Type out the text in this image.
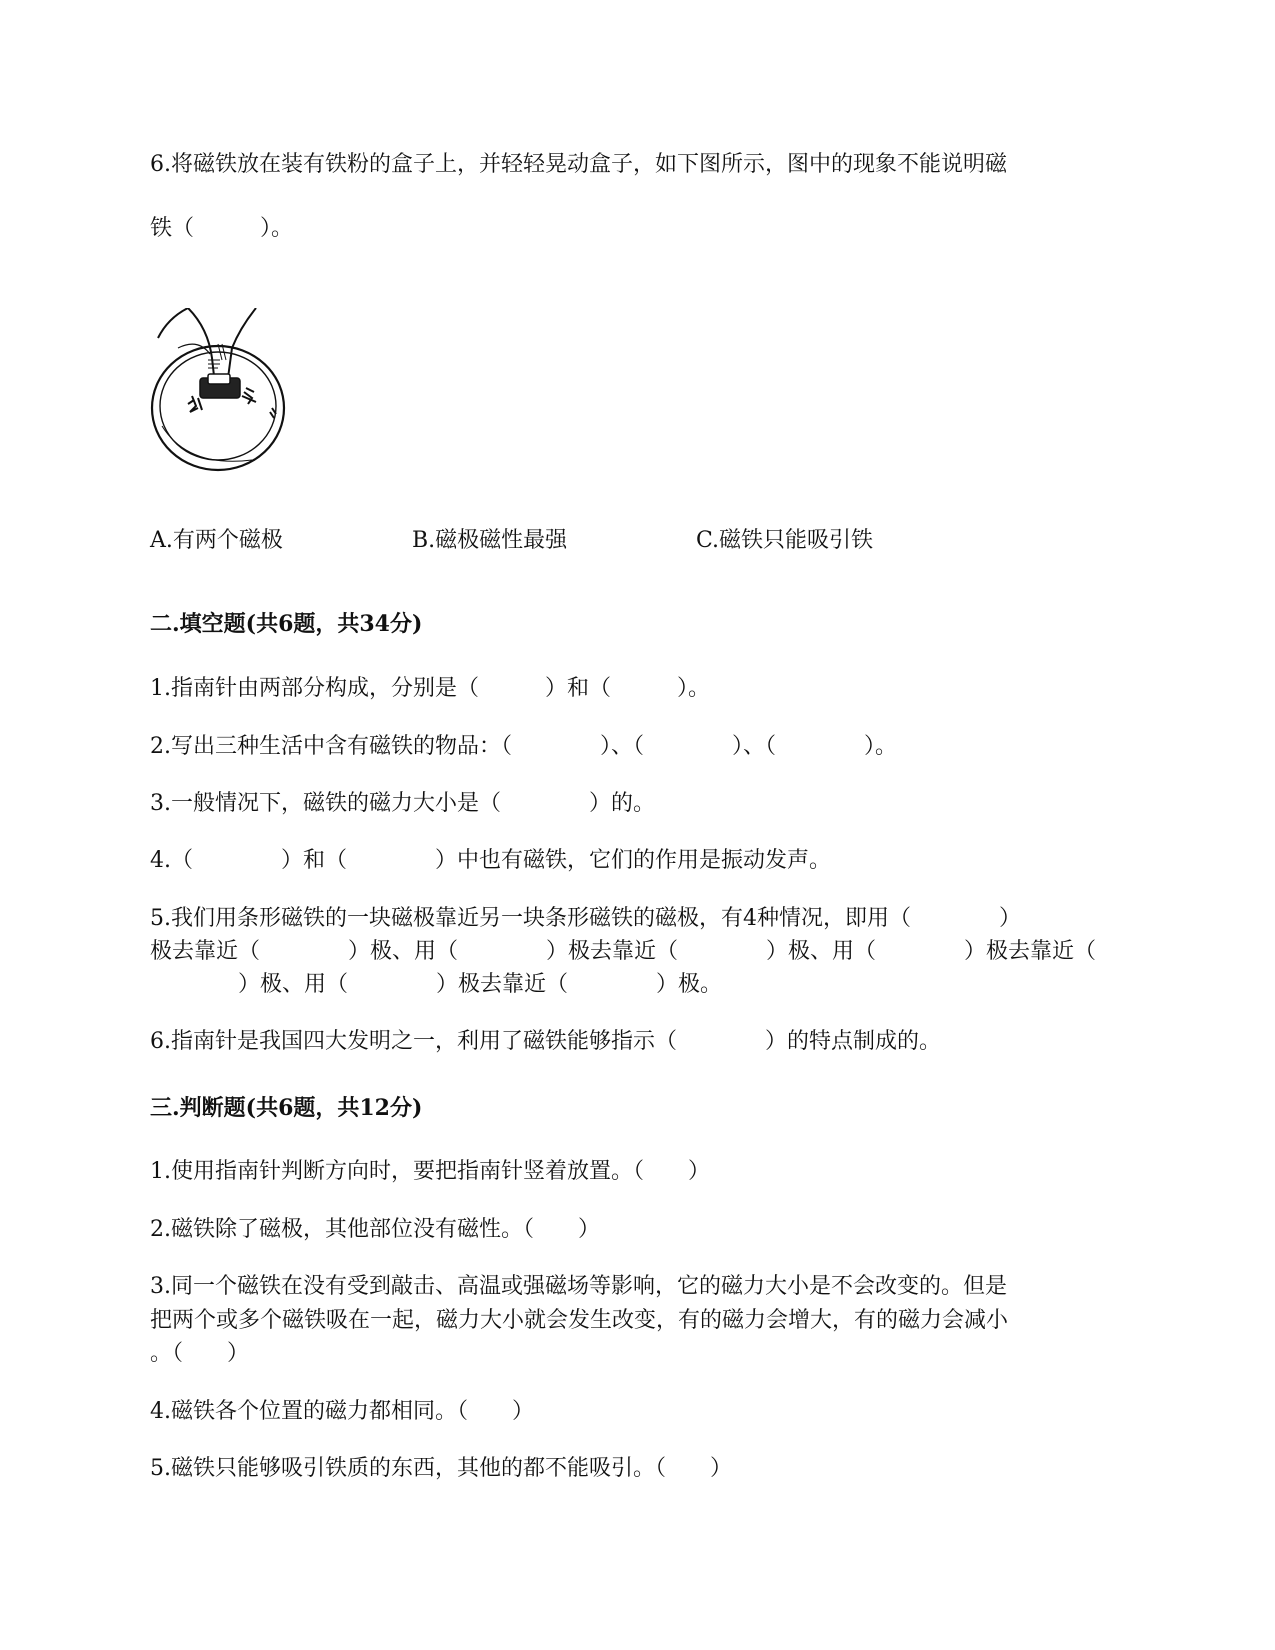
6.将磁铁放在装有铁粉的盒子上，并轻轻晃动盒子，如下图所示，图中的现象不能说明磁
铁（　　　）。
A.有两个磁极	B.磁极磁性最强	C.磁铁只能吸引铁
二.填空题(共6题，共34分)
1.指南针由两部分构成，分别是（　　　）和（　　　）。
2.写出三种生活中含有磁铁的物品：（　　　　）、（　　　　）、（　　　　）。
3.一般情况下，磁铁的磁力大小是（　　　　）的。
4.（　　　　）和（　　　　）中也有磁铁，它们的作用是振动发声。
5.我们用条形磁铁的一块磁极靠近另一块条形磁铁的磁极，有4种情况，即用（　　　　）
极去靠近（　　　　）极、用（　　　　）极去靠近（　　　　）极、用（　　　　）极去靠近（
　　　　）极、用（　　　　）极去靠近（　　　　）极。
6.指南针是我国四大发明之一，利用了磁铁能够指示（　　　　）的特点制成的。
三.判断题(共6题，共12分)
1.使用指南针判断方向时，要把指南针竖着放置。（　　）
2.磁铁除了磁极，其他部位没有磁性。（　　）
3.同一个磁铁在没有受到敲击、高温或强磁场等影响，它的磁力大小是不会改变的。但是
把两个或多个磁铁吸在一起，磁力大小就会发生改变，有的磁力会增大，有的磁力会减小
。（　　）
4.磁铁各个位置的磁力都相同。（　　）
5.磁铁只能够吸引铁质的东西，其他的都不能吸引。（　　）
